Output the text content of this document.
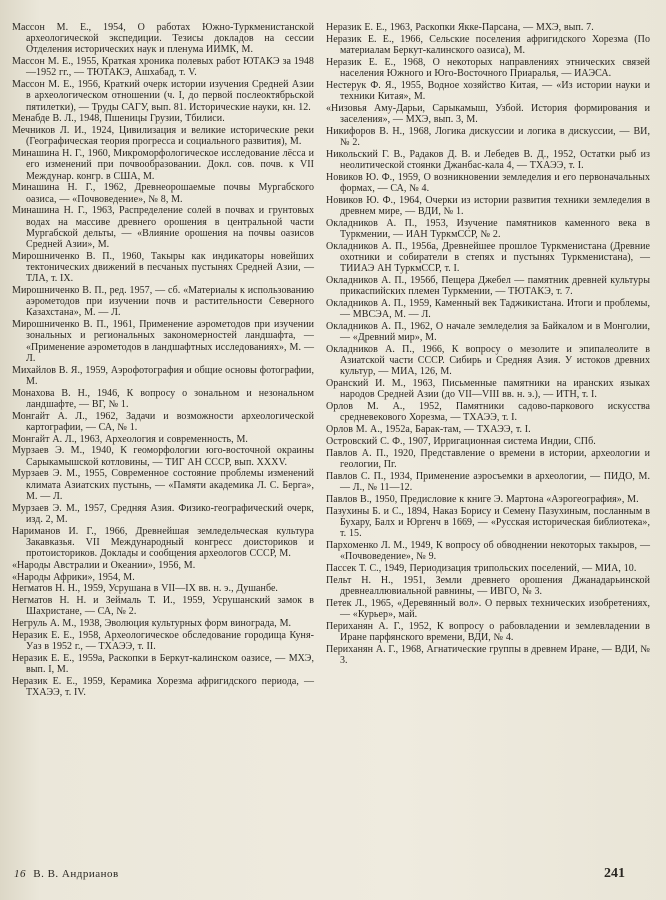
Массон М. Е., 1954, О работах Южно-Туркменистанской археологической экспедиции. Тезисы докладов на сессии Отделения исторических наук и пленума ИИМК, М.

Массон М. Е., 1955, Краткая хроника полевых работ ЮТАКЭ за 1948—1952 гг., — ТЮТАКЭ, Ашхабад, т. V.

Массон М. Е., 1956, Краткий очерк истории изучения Средней Азии в археологическом отношении (ч. I, до первой послеоктябрьской пятилетки), — Труды САГУ, вып. 81. Исторические науки, кн. 12.

Менабде В. Л., 1948, Пшеницы Грузии, Тбилиси.

Мечников Л. И., 1924, Цивилизация и великие исторические реки (Географическая теория прогресса и социального развития), М.

Минашина Н. Г., 1960, Микроморфологическое исследование лёсса и его изменений при почвообразовании. Докл. сов. почв. к VII Междунар. конгр. в США, М.

Минашина Н. Г., 1962, Древнеорошаемые почвы Мургабского оазиса, — «Почвоведение», № 8, М.

Минашина Н. Г., 1963, Распределение солей в почвах и грунтовых водах на массиве древнего орошения в центральной части Мургабской дельты, — «Влияние орошения на почвы оазисов Средней Азии», М.

Мирошниченко В. П., 1960, Такыры как индикаторы новейших тектонических движений в песчаных пустынях Средней Азии, — ТЛА, т. IX.

Мирошниченко В. П., ред. 1957, — сб. «Материалы к использованию аэрометодов при изучении почв и растительности Северного Казахстана», М. — Л.

Мирошниченко В. П., 1961, Применение аэрометодов при изучении зональных и региональных закономерностей ландшафта, — «Применение аэрометодов в ландшафтных исследованиях», М. — Л.

Михайлов В. Я., 1959, Аэрофотография и общие основы фотографии, М.

Монахова В. Н., 1946, К вопросу о зональном и незональном ландшафте, — ВГ, № 1.

Монгайт А. Л., 1962, Задачи и возможности археологической картографии, — СА, № 1.

Монгайт А. Л., 1963, Археология и современность, М.

Мурзаев Э. М., 1940, К геоморфологии юго-восточной окраины Сарыкамышской котловины, — ТИГ АН СССР, вып. XXXV.

Мурзаев Э. М., 1955, Современное состояние проблемы изменений климата Азиатских пустынь, — «Памяти академика Л. С. Берга», М. — Л.

Мурзаев Э. М., 1957, Средняя Азия. Физико-географический очерк, изд. 2, М.

Нариманов И. Г., 1966, Древнейшая земледельческая культура Закавказья. VII Международный конгресс доисториков и протоисториков. Доклады и сообщения археологов СССР, М.

«Народы Австралии и Океании», 1956, М.

«Народы Африки», 1954, М.

Негматов Н. Н., 1959, Усрушана в VII—IX вв. н. э., Душанбе.

Негматов Н. Н. и Зеймаль Т. И., 1959, Усрушанский замок в Шахристане, — СА, № 2.

Негруль А. М., 1938, Эволюция культурных форм винограда, М.

Неразик Е. Е., 1958, Археологическое обследование городища Куня-Уаз в 1952 г., — ТХАЭЭ, т. II.

Неразик Е. Е., 1959а, Раскопки в Беркут-калинском оазисе, — МХЭ, вып. I, М.

Неразик Е. Е., 1959, Керамика Хорезма афригидского периода, — ТХАЭЭ, т. IV.

Неразик Е. Е., 1963, Раскопки Якке-Парсана, — МХЭ, вып. 7.

Неразик Е. Е., 1966, Сельские поселения афригидского Хорезма (По материалам Беркут-калинского оазиса), М.

Неразик Е. Е., 1968, О некоторых направлениях этнических связей населения Южного и Юго-Восточного Приаралья, — ИАЭСА.

Нестерук Ф. Я., 1955, Водное хозяйство Китая, — «Из истории науки и техники Китая», М.

«Низовья Аму-Дарьи, Сарыкамыш, Узбой. История формирования и заселения», — МХЭ, вып. 3, М.

Никифоров В. Н., 1968, Логика дискуссии и логика в дискуссии, — ВИ, № 2.

Никольский Г. В., Радаков Д. В. и Лебедев В. Д., 1952, Остатки рыб из неолитической стоянки Джанбас-кала 4, — ТХАЭЭ, т. I.

Новиков Ю. Ф., 1959, О возникновении земледелия и его первоначальных формах, — СА, № 4.

Новиков Ю. Ф., 1964, Очерки из истории развития техники земледелия в древнем мире, — ВДИ, № 1.

Окладников А. П., 1953, Изучение памятников каменного века в Туркмении, — ИАН ТуркмССР, № 2.

Окладников А. П., 1956а, Древнейшее прошлое Туркменистана (Древние охотники и собиратели в степях и пустынях Туркменистана), — ТИИАЭ АН ТуркмССР, т. I.

Окладников А. П., 1956б, Пещера Джебел — памятник древней культуры прикаспийских племен Туркмении, — ТЮТАКЭ, т. 7.

Окладников А. П., 1959, Каменный век Таджикистана. Итоги и проблемы, — МВСЭА, М. — Л.

Окладников А. П., 1962, О начале земледелия за Байкалом и в Монголии, — «Древний мир», М.

Окладников А. П., 1966, К вопросу о мезолите и эпипалеолите в Азиатской части СССР. Сибирь и Средняя Азия. У истоков древних культур, — МИА, 126, М.

Оранский И. М., 1963, Письменные памятники на иранских языках народов Средней Азии (до VII—VIII вв. н. э.), — ИТН, т. I.

Орлов М. А., 1952, Памятники садово-паркового искусства средневекового Хорезма, — ТХАЭЭ, т. I.

Орлов М. А., 1952а, Барак-там, — ТХАЭЭ, т. I.

Островский С. Ф., 1907, Ирригационная система Индии, СПб.

Павлов А. П., 1920, Представление о времени в истории, археологии и геологии, Пг.

Павлов С. П., 1934, Применение аэросъемки в археологии, — ПИДО, М. — Л., № 11—12.

Павлов В., 1950, Предисловие к книге Э. Мартона «Аэрогеография», М.

Пазухины Б. и С., 1894, Наказ Борису и Семену Пазухиным, посланным в Бухару, Балх и Юргенч в 1669, — «Русская историческая библиотека», т. 15.

Пархоменко Л. М., 1949, К вопросу об обводнении некоторых такыров, — «Почвоведение», № 9.

Пассек Т. С., 1949, Периодизация трипольских поселений, — МИА, 10.

Пельт Н. Н., 1951, Земли древнего орошения Джанадарьинской древнеаллювиальной равнины, — ИВГО, № 3.

Петек Л., 1965, «Деревянный вол». О первых технических изобретениях, — «Курьер», май.

Периханян А. Г., 1952, К вопросу о рабовладении и землевладении в Иране парфянского времени, ВДИ, № 4.

Периханян А. Г., 1968, Агнатические группы в древнем Иране, — ВДИ, № 3.

16 В. В. Андрианов	241
